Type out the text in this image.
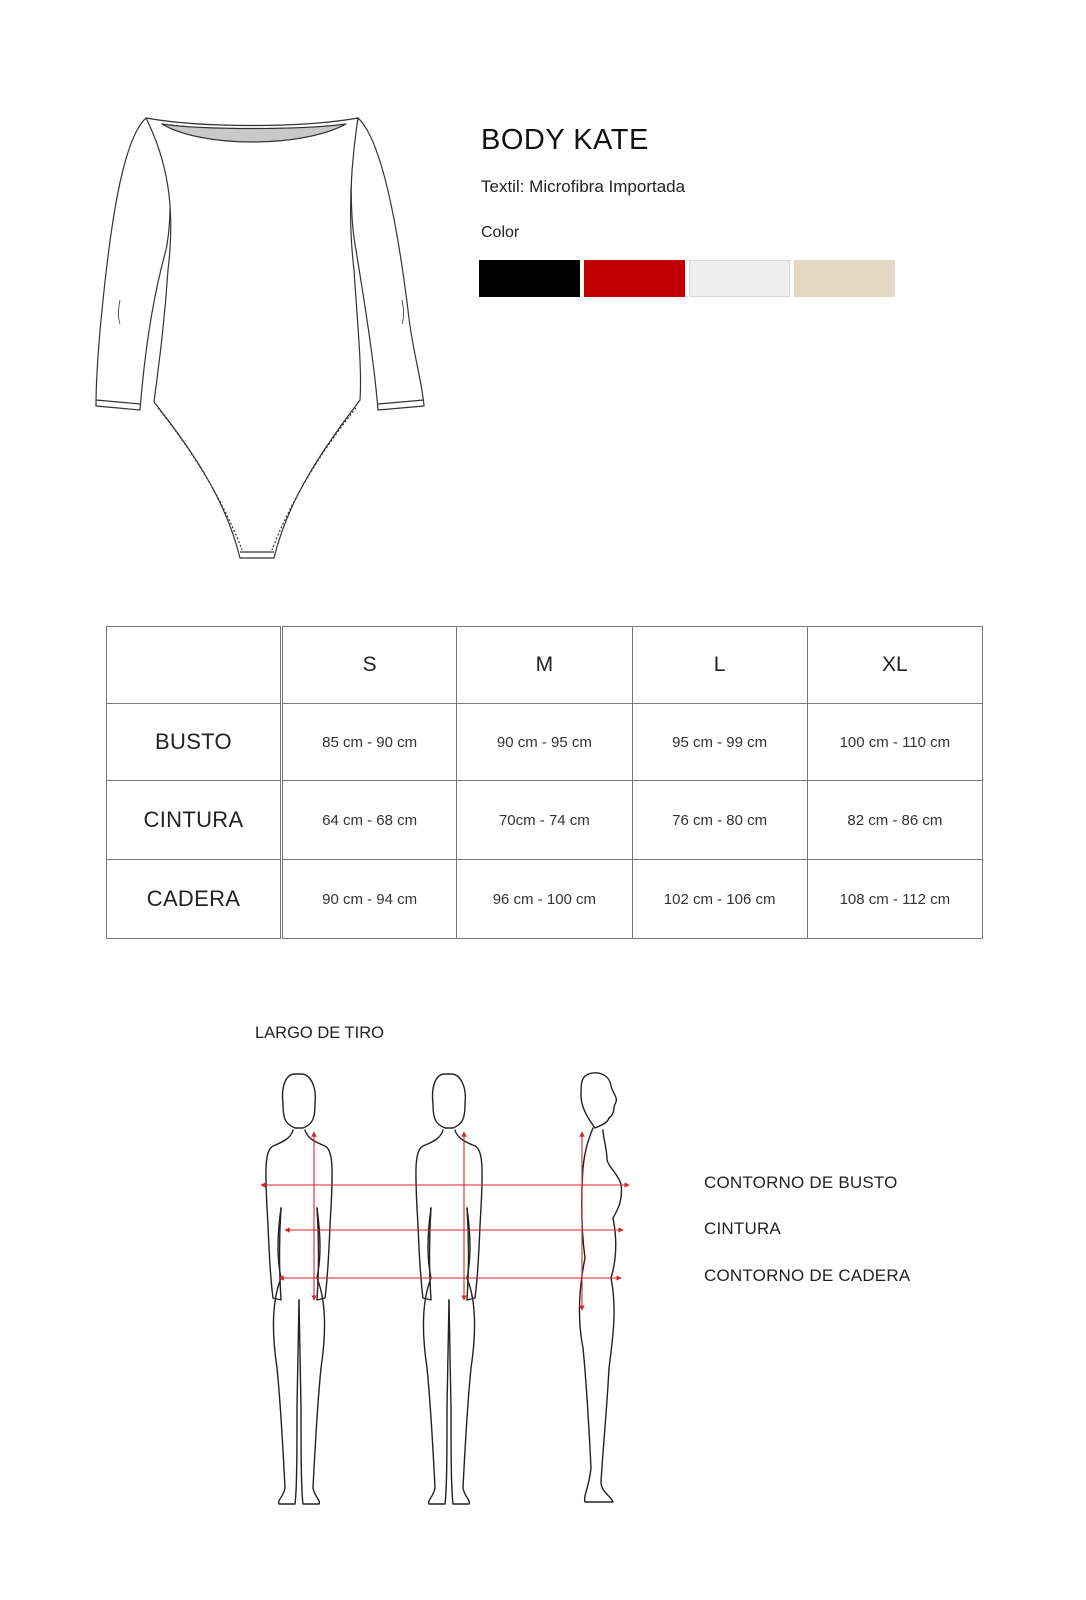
BODY KATE
Textil: Microfibra Importada
Color
	S	M	L	XL
BUSTO	85 cm - 90 cm	90 cm - 95 cm	95 cm - 99 cm	100 cm - 110 cm
CINTURA	64 cm - 68 cm	70cm - 74 cm	76 cm - 80 cm	82 cm - 86 cm
CADERA	90 cm - 94 cm	96 cm - 100 cm	102 cm - 106 cm	108 cm - 112 cm
LARGO DE TIRO
CONTORNO DE BUSTO
CINTURA
CONTORNO DE CADERA
